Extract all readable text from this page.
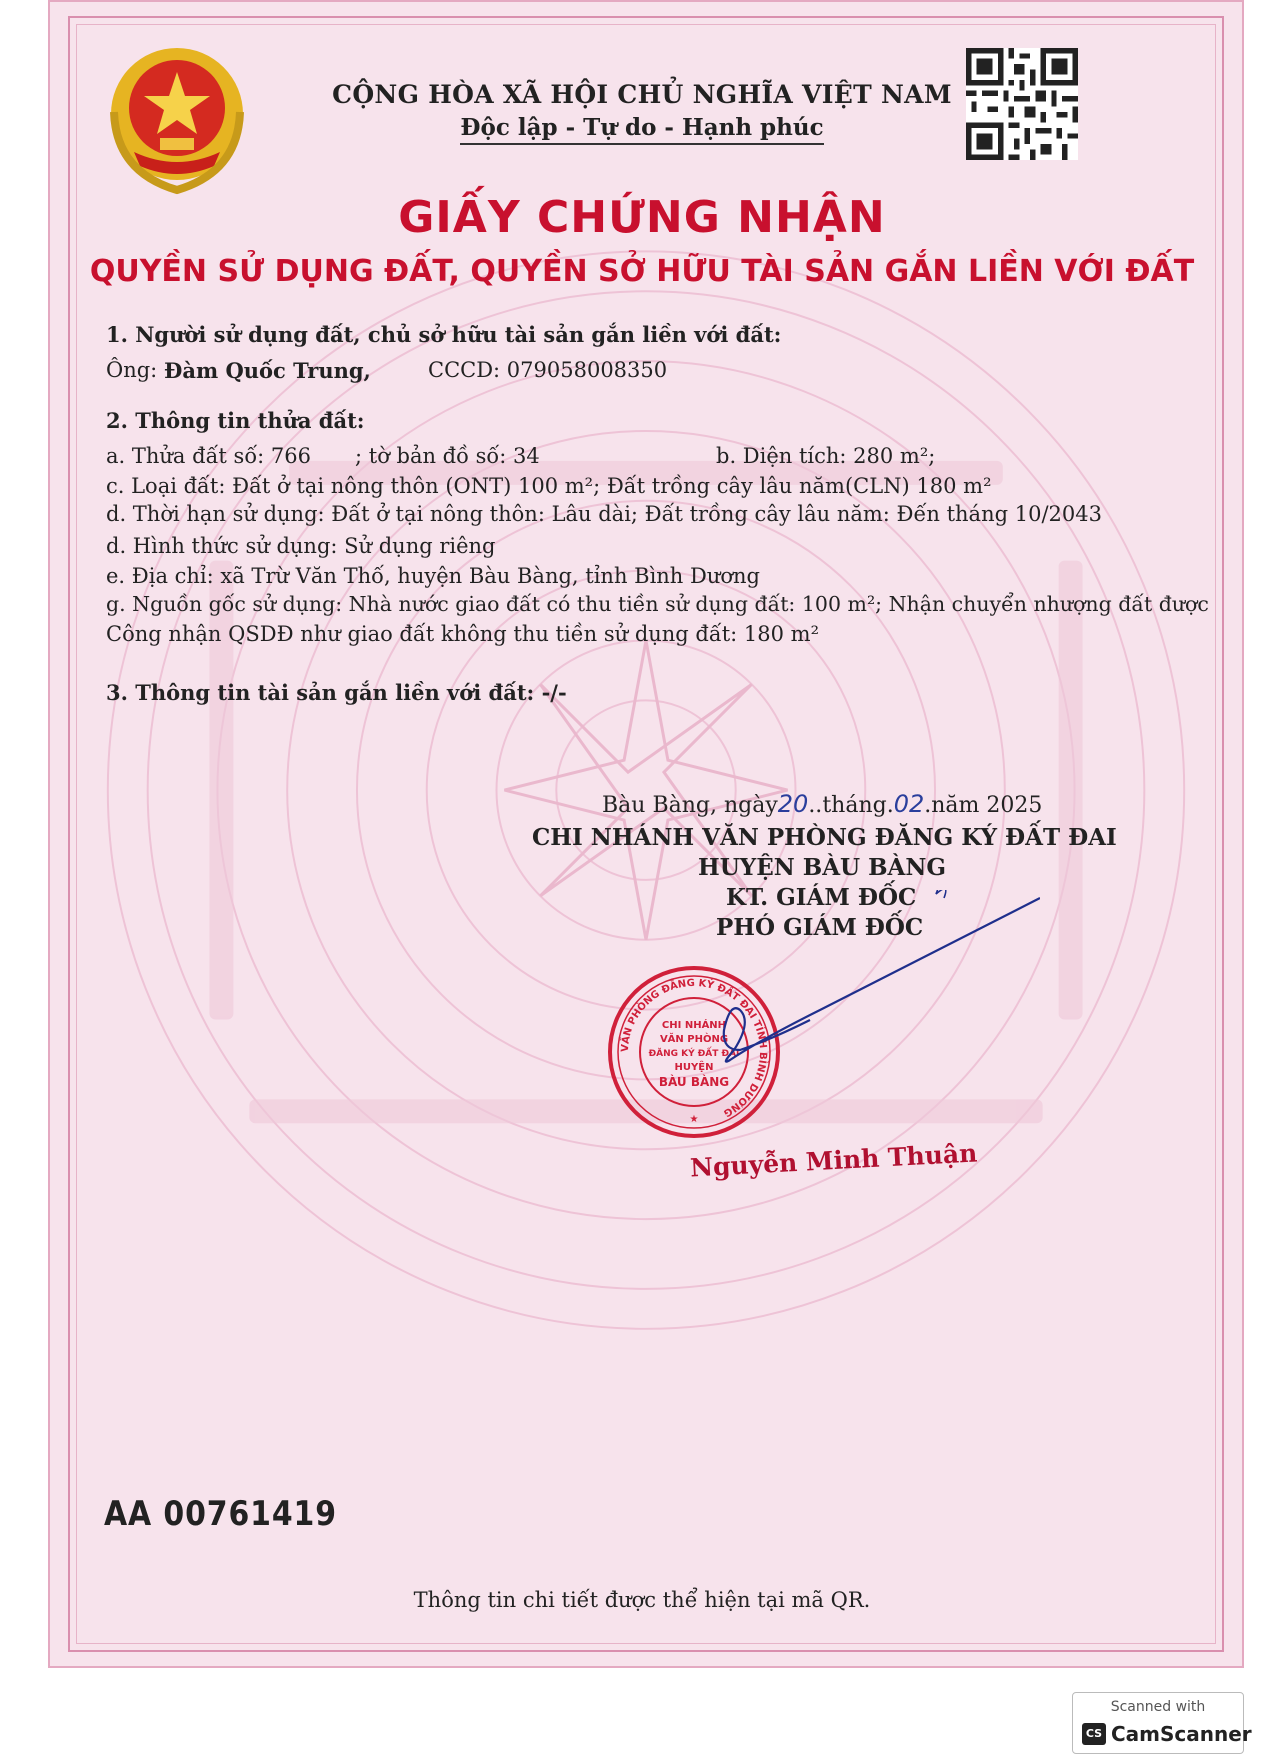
CỘNG HÒA XÃ HỘI CHỦ NGHĨA VIỆT NAM
Độc lập - Tự do - Hạnh phúc
GIẤY CHỨNG NHẬN
QUYỀN SỬ DỤNG ĐẤT, QUYỀN SỞ HỮU TÀI SẢN GẮN LIỀN VỚI ĐẤT
1. Người sử dụng đất, chủ sở hữu tài sản gắn liền với đất:
Ông: Đàm Quốc Trung,	CCCD: 079058008350
2. Thông tin thửa đất:
a. Thửa đất số: 766 ; tờ bản đồ số: 34	b. Diện tích: 280 m²;
c. Loại đất: Đất ở tại nông thôn (ONT) 100 m²; Đất trồng cây lâu năm(CLN) 180 m²
d. Thời hạn sử dụng: Đất ở tại nông thôn: Lâu dài; Đất trồng cây lâu năm: Đến tháng 10/2043
d. Hình thức sử dụng: Sử dụng riêng
e. Địa chỉ: xã Trừ Văn Thố, huyện Bàu Bàng, tỉnh Bình Dương
g. Nguồn gốc sử dụng: Nhà nước giao đất có thu tiền sử dụng đất: 100 m²; Nhận chuyển nhượng đất được
Công nhận QSDĐ như giao đất không thu tiền sử dụng đất: 180 m²
3. Thông tin tài sản gắn liền với đất: -/-
Bàu Bàng, ngày20..tháng.02.năm 2025
CHI NHÁNH VĂN PHÒNG ĐĂNG KÝ ĐẤT ĐAI
HUYỆN BÀU BÀNG
KT. GIÁM ĐỐC
PHÓ GIÁM ĐỐC
VĂN PHÒNG ĐĂNG KÝ ĐẤT ĐAI TỈNH BÌNH DƯƠNG
CHI NHÁNH
VĂN PHÒNG
ĐĂNG KÝ ĐẤT ĐAI
HUYỆN
BÀU BÀNG
★
Nguyễn Minh Thuận
AA 00761419
Thông tin chi tiết được thể hiện tại mã QR.
Scanned with
CS CamScanner
